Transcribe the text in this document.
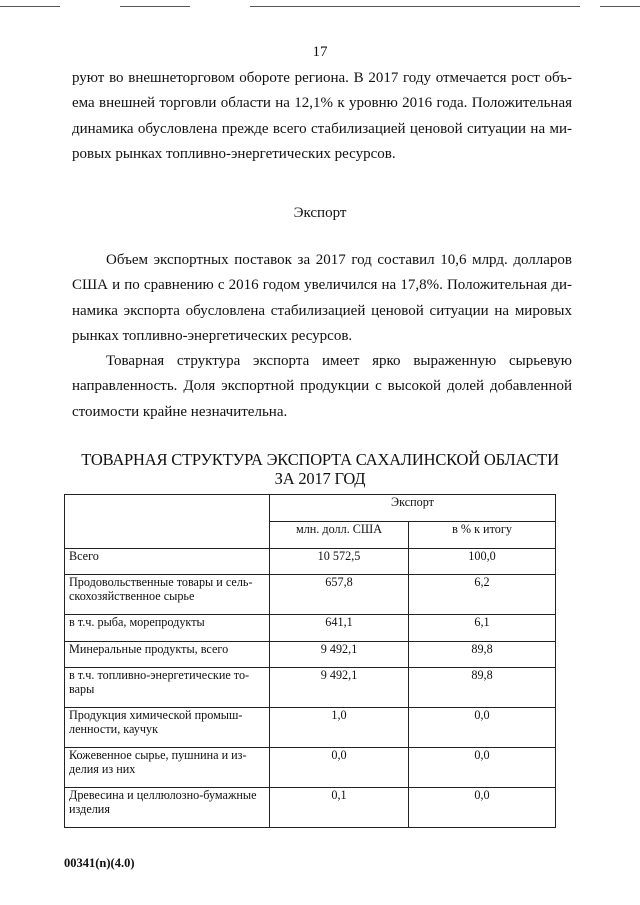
17
руют во внешнеторговом обороте региона. В 2017 году отмечается рост объ-
ема внешней торговли области на 12,1% к уровню 2016 года. Положительная
динамика обусловлена прежде всего стабилизацией ценовой ситуации на ми-
ровых рынках топливно-энергетических ресурсов.
Экспорт
Объем экспортных поставок за 2017 год составил 10,6 млрд. долларов
США и по сравнению с 2016 годом увеличился на 17,8%. Положительная ди-
намика экспорта обусловлена стабилизацией ценовой ситуации на мировых
рынках топливно-энергетических ресурсов.
Товарная структура экспорта имеет ярко выраженную сырьевую
направленность. Доля экспортной продукции с высокой долей добавленной
стоимости крайне незначительна.
ТОВАРНАЯ СТРУКТУРА ЭКСПОРТА САХАЛИНСКОЙ ОБЛАСТИ
ЗА 2017 ГОД
	Экспорт	
	млн. долл. США	в % к итогу
Всего	10 572,5	100,0
Продовольственные товары и сель-скохозяйственное сырье	657,8	6,2
в т.ч. рыба, морепродукты	641,1	6,1
Минеральные продукты, всего	9 492,1	89,8
в т.ч. топливно-энергетические то-вары	9 492,1	89,8
Продукция химической промыш-ленности, каучук	1,0	0,0
Кожевенное сырье, пушнина и из-делия из них	0,0	0,0
Древесина и целлюлозно-бумажные изделия	0,1	0,0
00341(n)(4.0)
